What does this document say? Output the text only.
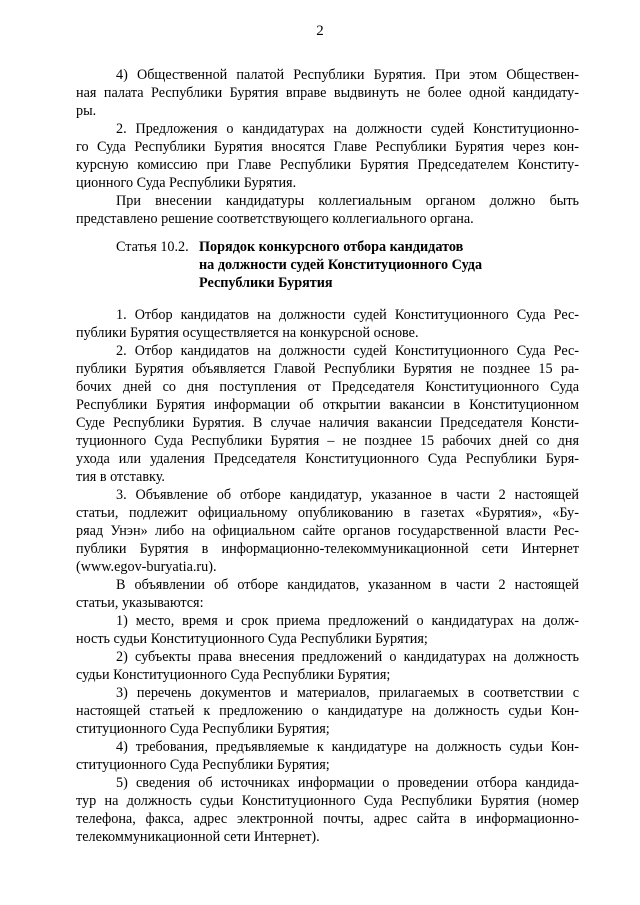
2
4) Общественной палатой Республики Бурятия. При этом Обществен-
ная палата Республики Бурятия вправе выдвинуть не более одной кандидату-
ры.
2. Предложения о кандидатурах на должности судей Конституционно-
го Суда Республики Бурятия вносятся Главе Республики Бурятия через кон-
курсную комиссию при Главе Республики Бурятия Председателем Конститу-
ционного Суда Республики Бурятия.
При внесении кандидатуры коллегиальным органом должно быть
представлено решение соответствующего коллегиального органа.
Статья 10.2. Порядок конкурсного отбора кандидатов
на должности судей Конституционного Суда
Республики Бурятия
1. Отбор кандидатов на должности судей Конституционного Суда Рес-
публики Бурятия осуществляется на конкурсной основе.
2. Отбор кандидатов на должности судей Конституционного Суда Рес-
публики Бурятия объявляется Главой Республики Бурятия не позднее 15 ра-
бочих дней со дня поступления от Председателя Конституционного Суда
Республики Бурятия информации об открытии вакансии в Конституционном
Суде Республики Бурятия. В случае наличия вакансии Председателя Консти-
туционного Суда Республики Бурятия – не позднее 15 рабочих дней со дня
ухода или удаления Председателя Конституционного Суда Республики Буря-
тия в отставку.
3. Объявление об отборе кандидатур, указанное в части 2 настоящей
статьи, подлежит официальному опубликованию в газетах «Бурятия», «Бу-
ряад Унэн» либо на официальном сайте органов государственной власти Рес-
публики Бурятия в информационно-телекоммуникационной сети Интернет
(www.egov-buryatia.ru).
В объявлении об отборе кандидатов, указанном в части 2 настоящей
статьи, указываются:
1) место, время и срок приема предложений о кандидатурах на долж-
ность судьи Конституционного Суда Республики Бурятия;
2) субъекты права внесения предложений о кандидатурах на должность
судьи Конституционного Суда Республики Бурятия;
3) перечень документов и материалов, прилагаемых в соответствии с
настоящей статьей к предложению о кандидатуре на должность судьи Кон-
ституционного Суда Республики Бурятия;
4) требования, предъявляемые к кандидатуре на должность судьи Кон-
ституционного Суда Республики Бурятия;
5) сведения об источниках информации о проведении отбора кандида-
тур на должность судьи Конституционного Суда Республики Бурятия (номер
телефона, факса, адрес электронной почты, адрес сайта в информационно-
телекоммуникационной сети Интернет).
